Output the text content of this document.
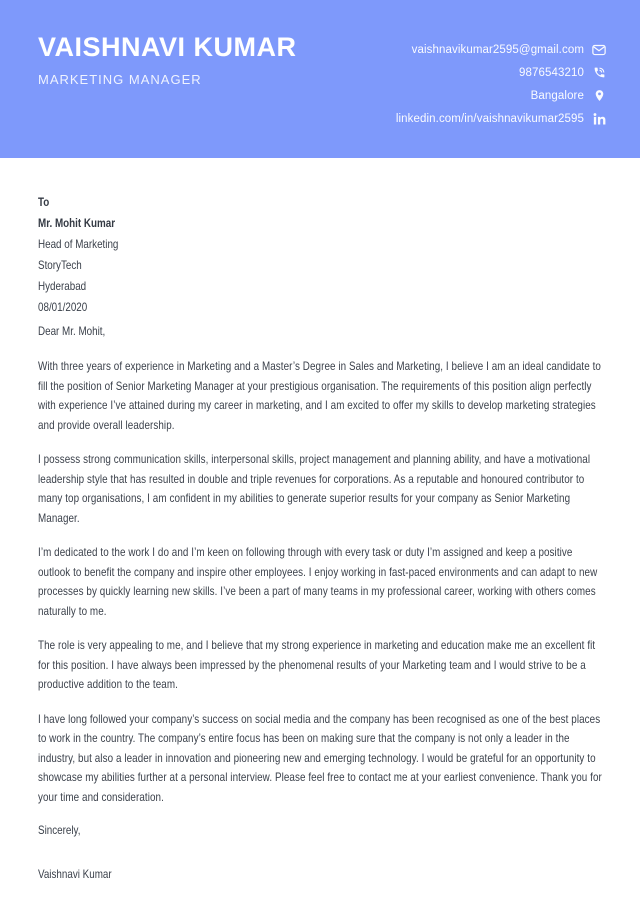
VAISHNAVI KUMAR
MARKETING MANAGER
vaishnavikumar2595@gmail.com
9876543210
Bangalore
linkedin.com/in/vaishnavikumar2595
To
Mr. Mohit Kumar
Head of Marketing
StoryTech
Hyderabad
08/01/2020
Dear Mr. Mohit,
With three years of experience in Marketing and a Master’s Degree in Sales and Marketing, I believe I am an ideal candidate to fill the position of Senior Marketing Manager at your prestigious organisation. The requirements of this position align perfectly with experience I’ve attained during my career in marketing, and I am excited to offer my skills to develop marketing strategies and provide overall leadership.
I possess strong communication skills, interpersonal skills, project management and planning ability, and have a motivational leadership style that has resulted in double and triple revenues for corporations. As a reputable and honoured contributor to many top organisations, I am confident in my abilities to generate superior results for your company as Senior Marketing Manager.
I’m dedicated to the work I do and I’m keen on following through with every task or duty I’m assigned and keep a positive outlook to benefit the company and inspire other employees. I enjoy working in fast-paced environments and can adapt to new processes by quickly learning new skills. I’ve been a part of many teams in my professional career, working with others comes naturally to me.
The role is very appealing to me, and I believe that my strong experience in marketing and education make me an excellent fit for this position. I have always been impressed by the phenomenal results of your Marketing team and I would strive to be a productive addition to the team.
I have long followed your company’s success on social media and the company has been recognised as one of the best places to work in the country. The company’s entire focus has been on making sure that the company is not only a leader in the industry, but also a leader in innovation and pioneering new and emerging technology. I would be grateful for an opportunity to showcase my abilities further at a personal interview. Please feel free to contact me at your earliest convenience. Thank you for your time and consideration.
Sincerely,
Vaishnavi Kumar
